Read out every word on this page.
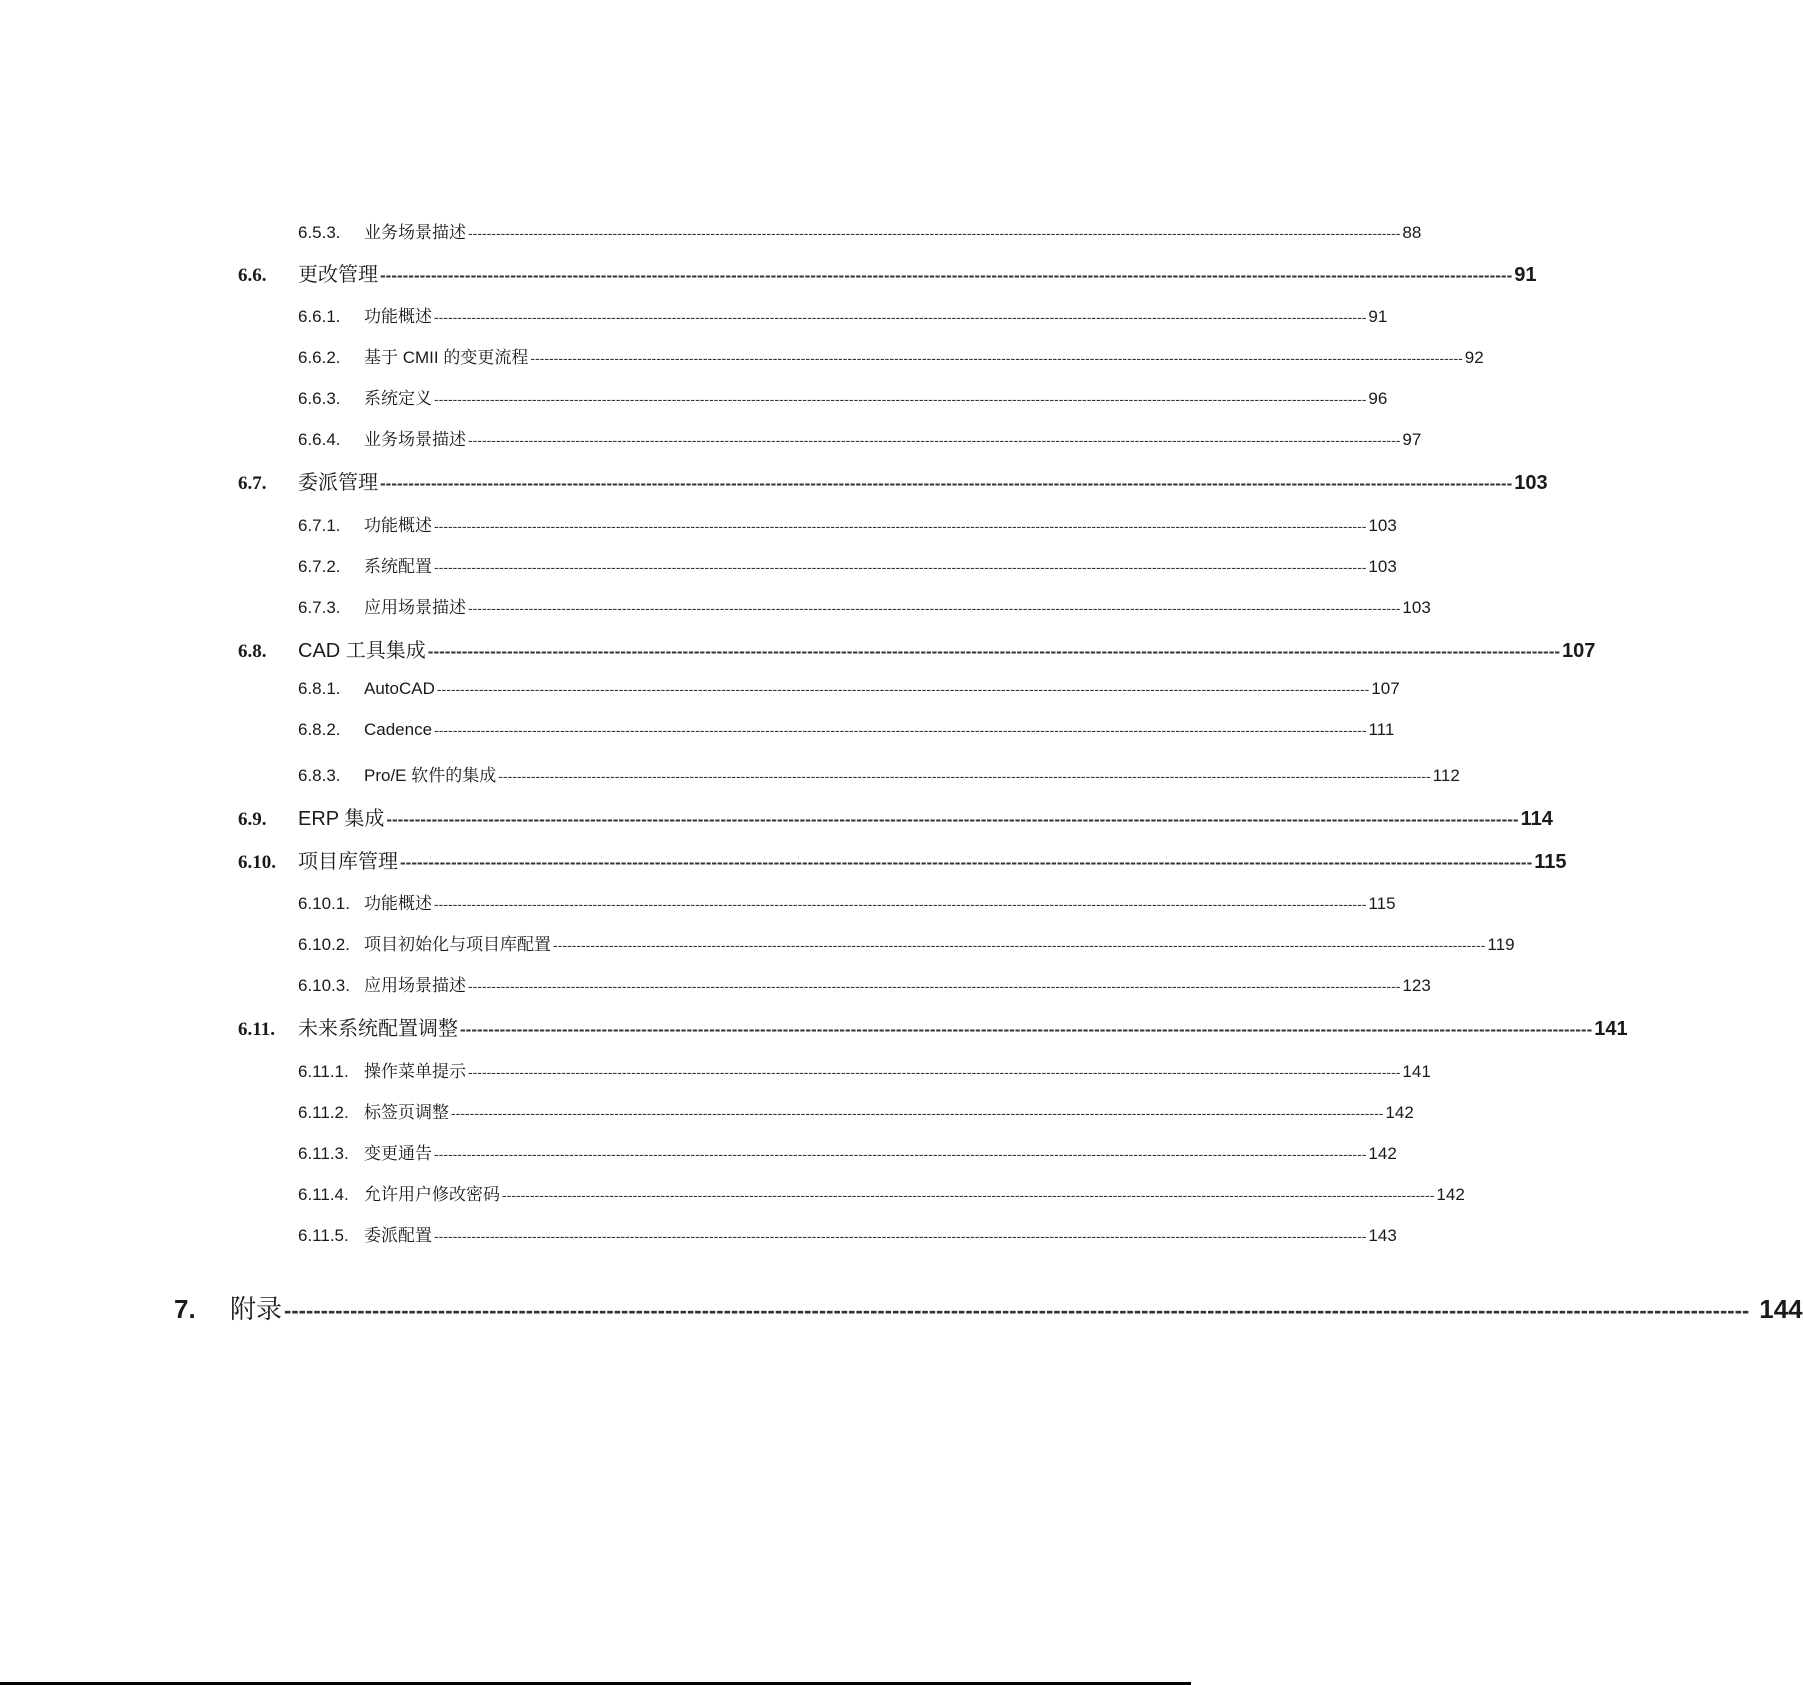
6.5.3.	业务场景描述 -------------------------------------------------------------------------------------------------------------------------------------------------------------------------------------------------------- 88
6.6.	更改管理 -------------------------------------------------------------------------------------------------------------------------------------------------------------------------------------------------------- 91
6.6.1.	功能概述 -------------------------------------------------------------------------------------------------------------------------------------------------------------------------------------------------------- 91
6.6.2.	基于 CMII 的变更流程 -------------------------------------------------------------------------------------------------------------------------------------------------------------------------------------------------------- 92
6.6.3.	系统定义 -------------------------------------------------------------------------------------------------------------------------------------------------------------------------------------------------------- 96
6.6.4.	业务场景描述 -------------------------------------------------------------------------------------------------------------------------------------------------------------------------------------------------------- 97
6.7.	委派管理 -------------------------------------------------------------------------------------------------------------------------------------------------------------------------------------------------------- 103
6.7.1.	功能概述 -------------------------------------------------------------------------------------------------------------------------------------------------------------------------------------------------------- 103
6.7.2.	系统配置 -------------------------------------------------------------------------------------------------------------------------------------------------------------------------------------------------------- 103
6.7.3.	应用场景描述 -------------------------------------------------------------------------------------------------------------------------------------------------------------------------------------------------------- 103
6.8.	CAD 工具集成 -------------------------------------------------------------------------------------------------------------------------------------------------------------------------------------------------------- 107
6.8.1.	AutoCAD -------------------------------------------------------------------------------------------------------------------------------------------------------------------------------------------------------- 107
6.8.2.	Cadence -------------------------------------------------------------------------------------------------------------------------------------------------------------------------------------------------------- 111
6.8.3.	Pro/E 软件的集成 -------------------------------------------------------------------------------------------------------------------------------------------------------------------------------------------------------- 112
6.9.	ERP 集成 -------------------------------------------------------------------------------------------------------------------------------------------------------------------------------------------------------- 114
6.10.	项目库管理 -------------------------------------------------------------------------------------------------------------------------------------------------------------------------------------------------------- 115
6.10.1. 功能概述 -------------------------------------------------------------------------------------------------------------------------------------------------------------------------------------------------------- 115
6.10.2. 项目初始化与项目库配置 -------------------------------------------------------------------------------------------------------------------------------------------------------------------------------------------------------- 119
6.10.3. 应用场景描述 -------------------------------------------------------------------------------------------------------------------------------------------------------------------------------------------------------- 123
6.11.	未来系统配置调整 -------------------------------------------------------------------------------------------------------------------------------------------------------------------------------------------------------- 141
6.11.1. 操作菜单提示 -------------------------------------------------------------------------------------------------------------------------------------------------------------------------------------------------------- 141
6.11.2. 标签页调整 -------------------------------------------------------------------------------------------------------------------------------------------------------------------------------------------------------- 142
6.11.3. 变更通告 -------------------------------------------------------------------------------------------------------------------------------------------------------------------------------------------------------- 142
6.11.4. 允许用户修改密码 -------------------------------------------------------------------------------------------------------------------------------------------------------------------------------------------------------- 142
6.11.5. 委派配置 -------------------------------------------------------------------------------------------------------------------------------------------------------------------------------------------------------- 143
7.	附录 -------------------------------------------------------------------------------------------------------------------------------------------------------------------------------------------------------- 144
